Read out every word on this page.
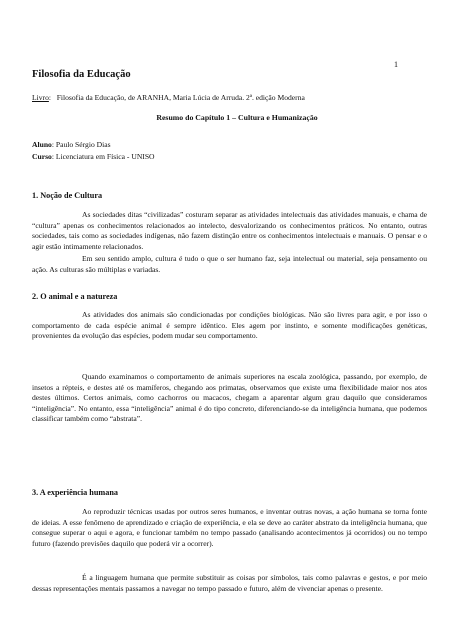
1
Filosofia da Educação
Livro:   Filosofia da Educação, de ARANHA, Maria Lúcia de Arruda. 2ª. edição Moderna
Resumo do Capítulo 1 – Cultura e Humanização
Aluno: Paulo Sérgio Dias
Curso: Licenciatura em Física - UNISO
1. Noção de Cultura

As sociedades ditas “civilizadas” costuram separar as atividades intelectuais das atividades manuais, e chama de “cultura” apenas os conhecimentos relacionados ao intelecto, desvalorizando os conhecimentos práticos. No entanto, outras sociedades, tais como as sociedades indígenas, não fazem distinção entre os conhecimentos intelectuais e manuais. O pensar e o agir estão intimamente relacionados.

Em seu sentido amplo, cultura é tudo o que o ser humano faz, seja intelectual ou material, seja pensamento ou ação. As culturas são múltiplas e variadas.

2. O animal e a natureza

As atividades dos animais são condicionadas por condições biológicas. Não são livres para agir, e por isso o comportamento de cada espécie animal é sempre idêntico. Eles agem por instinto, e somente modificações genéticas, provenientes da evolução das espécies, podem mudar seu comportamento.

Quando examinamos o comportamento de animais superiores na escala zoológica, passando, por exemplo, de insetos a répteis, e destes até os mamíferos, chegando aos primatas, observamos que existe uma flexibilidade maior nos atos destes últimos. Certos animais, como cachorros ou macacos, chegam a aparentar algum grau daquilo que consideramos “inteligência”. No entanto, essa “inteligência” animal é do tipo concreto, diferenciando-se da inteligência humana, que podemos classificar também como “abstrata”.

3. A experiência humana

Ao reproduzir técnicas usadas por outros seres humanos, e inventar outras novas, a ação humana se torna fonte de ideias. A esse fenômeno de aprendizado e criação de experiência, e ela se deve ao caráter abstrato da inteligência humana, que consegue superar o aqui e agora, e funcionar também no tempo passado (analisando acontecimentos já ocorridos) ou no tempo futuro (fazendo previsões daquilo que poderá vir a ocorrer).

É a linguagem humana que permite substituir as coisas por símbolos, tais como palavras e gestos, e por meio dessas representações mentais passamos a navegar no tempo passado e futuro, além de vivenciar apenas o presente.
